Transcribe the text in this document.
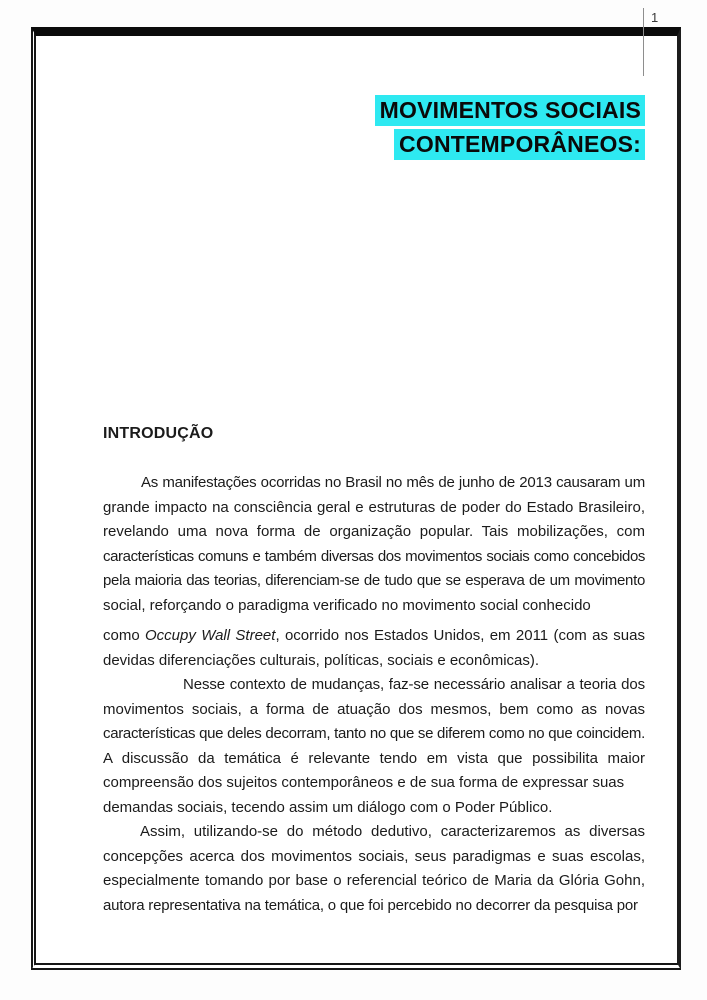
1
MOVIMENTOS SOCIAIS
CONTEMPORÂNEOS:
INTRODUÇÃO
As manifestações ocorridas no Brasil no mês de junho de 2013 causaram um
grande impacto na consciência geral e estruturas de poder do Estado Brasileiro,
revelando uma nova forma de organização popular. Tais mobilizações, com
características comuns e também diversas dos movimentos sociais como concebidos
pela maioria das teorias, diferenciam-se de tudo que se esperava de um movimento
social, reforçando o paradigma verificado no movimento social conhecido
como Occupy Wall Street, ocorrido nos Estados Unidos, em 2011 (com as suas
devidas diferenciações culturais, políticas, sociais e econômicas).
Nesse contexto de mudanças, faz-se necessário analisar a teoria dos
movimentos sociais, a forma de atuação dos mesmos, bem como as novas
características que deles decorram, tanto no que se diferem como no que coincidem.
A discussão da temática é relevante tendo em vista que possibilita maior
compreensão dos sujeitos contemporâneos e de sua forma de expressar suas
demandas sociais, tecendo assim um diálogo com o Poder Público.
Assim, utilizando-se do método dedutivo, caracterizaremos as diversas
concepções acerca dos movimentos sociais, seus paradigmas e suas escolas,
especialmente tomando por base o referencial teórico de Maria da Glória Gohn,
autora representativa na temática, o que foi percebido no decorrer da pesquisa por
